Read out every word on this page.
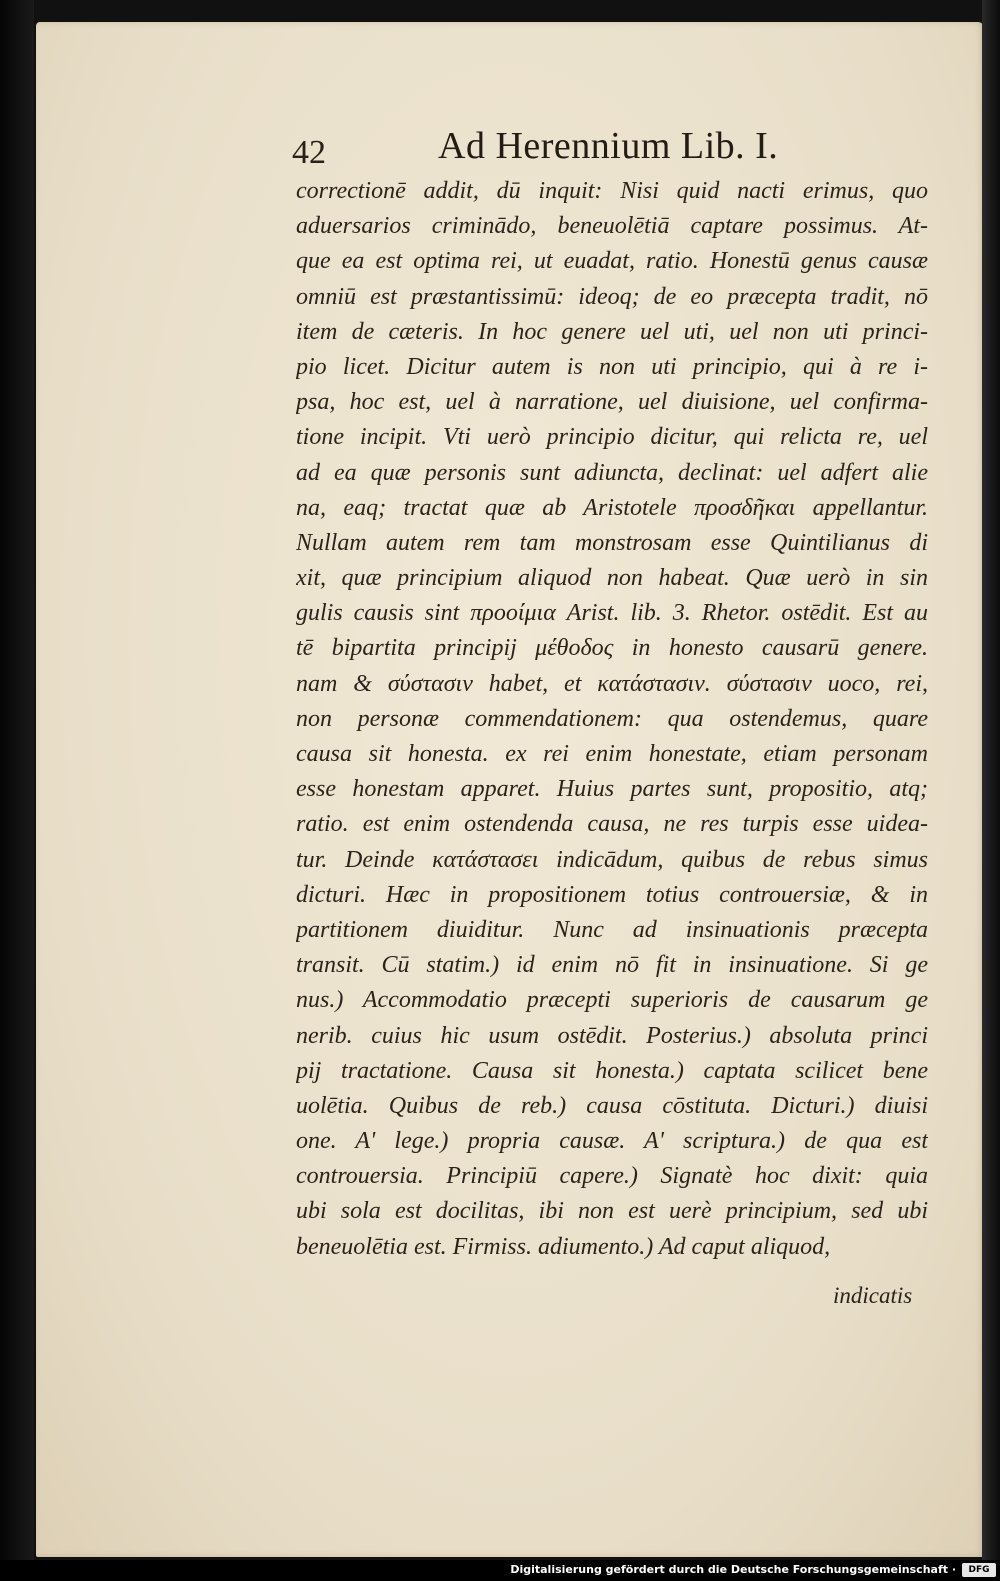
42	Ad Herennium Lib. I.
correctionē addit, dū inquit: Nisi quid nacti erimus, quo
aduersarios criminādo, beneuolētiā captare possimus. At-
que ea est optima rei, ut euadat, ratio. Honestū genus causæ
omniū est præstantissimū: ideoq; de eo præcepta tradit, nō
item de cæteris. In hoc genere uel uti, uel non uti princi-
pio licet. Dicitur autem is non uti principio, qui à re i-
psa, hoc est, uel à narratione, uel diuisione, uel confirma-
tione incipit. Vti uerò principio dicitur, qui relicta re, uel
ad ea quæ personis sunt adiuncta, declinat: uel adfert alie
na, eaq; tractat quæ ab Aristotele προσδῆκαι appellantur.
Nullam autem rem tam monstrosam esse Quintilianus di
xit, quæ principium aliquod non habeat. Quæ uerò in sin
gulis causis sint προοίμια Arist. lib. 3. Rhetor. ostēdit. Est au
tē bipartita principij μέθοδος in honesto causarū genere.
nam & σύστασιν habet, et κατάστασιν. σύστασιν uoco, rei,
non personæ commendationem: qua ostendemus, quare
causa sit honesta. ex rei enim honestate, etiam personam
esse honestam apparet. Huius partes sunt, propositio, atq;
ratio. est enim ostendenda causa, ne res turpis esse uidea-
tur. Deinde κατάστασει indicādum, quibus de rebus simus
dicturi. Hæc in propositionem totius controuersiæ, & in
partitionem diuiditur. Nunc ad insinuationis præcepta
transit. Cū statim.) id enim nō fit in insinuatione. Si ge
nus.) Accommodatio præcepti superioris de causarum ge
nerib. cuius hic usum ostēdit. Posterius.) absoluta princi
pij tractatione. Causa sit honesta.) captata scilicet bene
uolētia. Quibus de reb.) causa cōstituta. Dicturi.) diuisi
one. A' lege.) propria causæ. A' scriptura.) de qua est
controuersia. Principiū capere.) Signatè hoc dixit: quia
ubi sola est docilitas, ibi non est uerè principium, sed ubi
beneuolētia est. Firmiss. adiumento.) Ad caput aliquod,
indicatis
Digitalisierung gefördert durch die Deutsche Forschungsgemeinschaft ·	DFG
